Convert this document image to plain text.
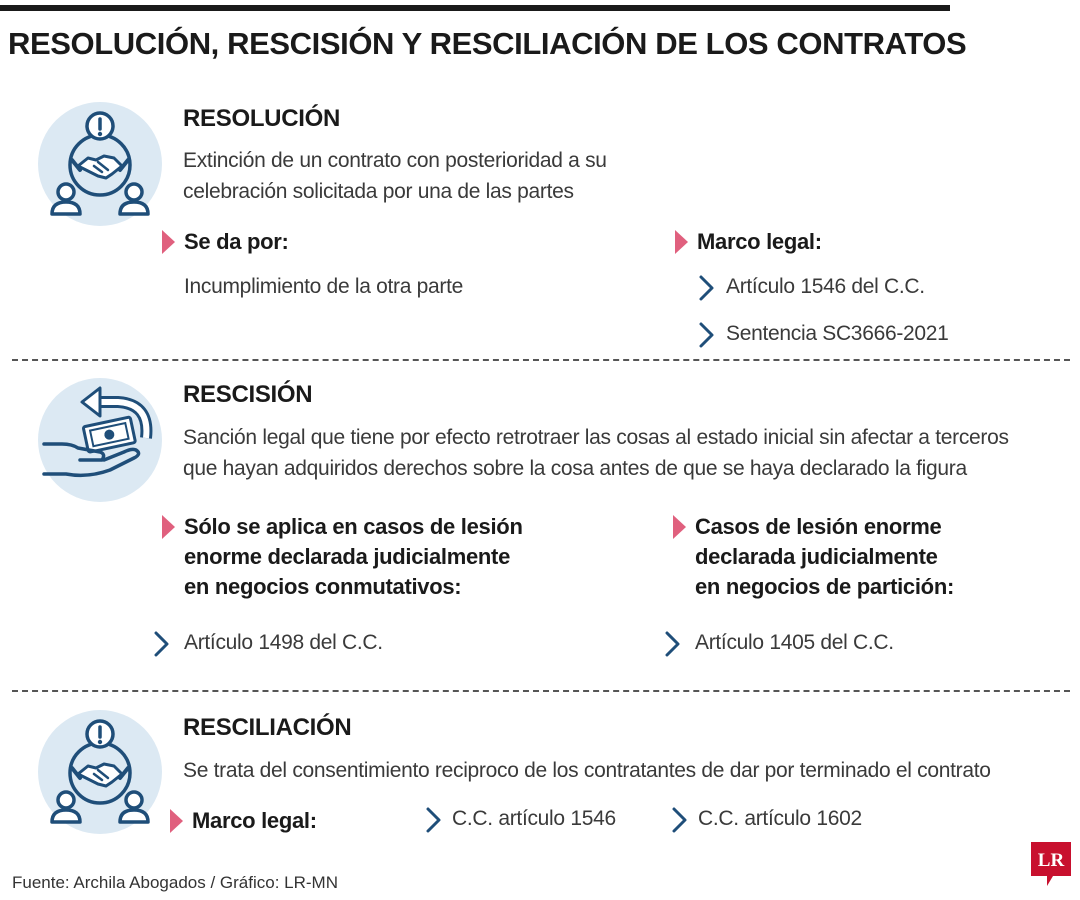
RESOLUCIÓN, RESCISIÓN Y RESCILIACIÓN DE LOS CONTRATOS
RESOLUCIÓN
Extinción de un contrato con posterioridad a su
celebración solicitada por una de las partes
Se da por:
Incumplimiento de la otra parte
Marco legal:
Artículo 1546 del C.C.
Sentencia SC3666-2021
RESCISIÓN
Sanción legal que tiene por efecto retrotraer las cosas al estado inicial sin afectar a terceros
que hayan adquiridos derechos sobre la cosa antes de que se haya declarado la figura
Sólo se aplica en casos de lesión
enorme declarada judicialmente
en negocios conmutativos:
Artículo 1498 del C.C.
Casos de lesión enorme
declarada judicialmente
en negocios de partición:
Artículo 1405 del C.C.
RESCILIACIÓN
Se trata del consentimiento reciproco de los contratantes de dar por terminado el contrato
Marco legal:	C.C. artículo 1546	C.C. artículo 1602
Fuente: Archila Abogados / Gráfico: LR-MN
LR
